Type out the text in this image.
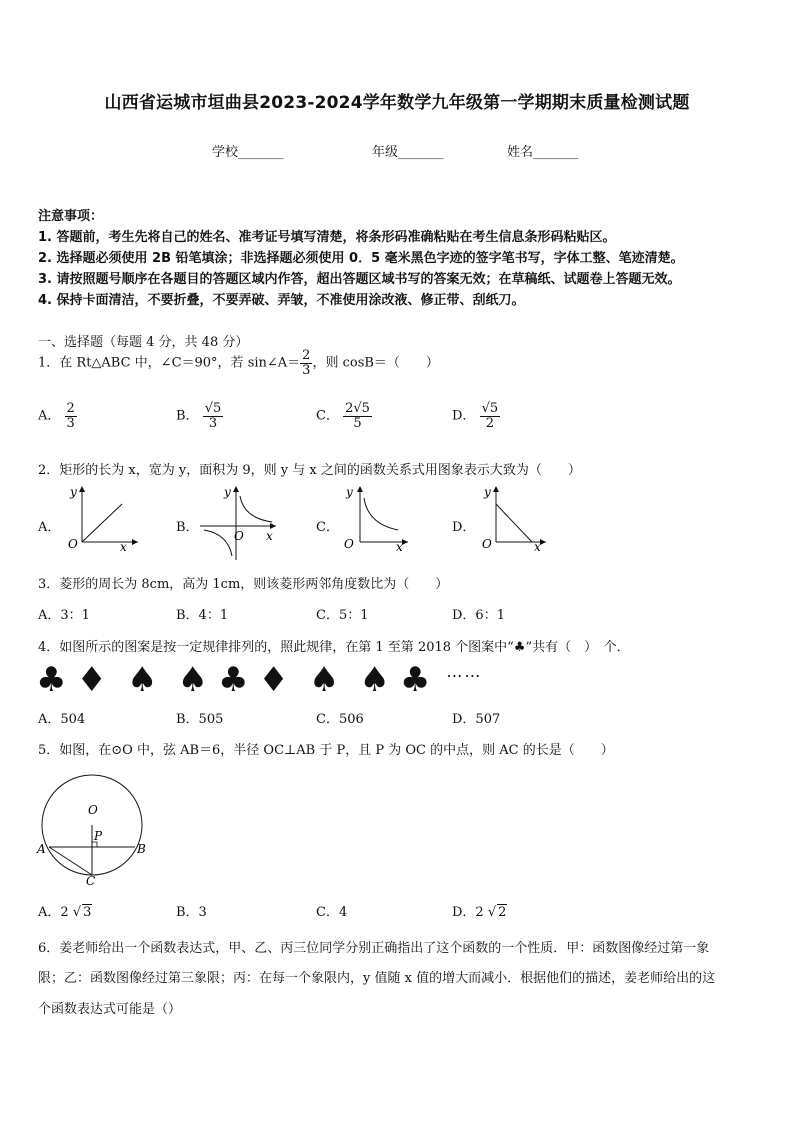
山西省运城市垣曲县2023-2024学年数学九年级第一学期期末质量检测试题
学校_______	年级_______	姓名_______
注意事项：
1. 答题前，考生先将自己的姓名、准考证号填写清楚，将条形码准确粘贴在考生信息条形码粘贴区。
2. 选择题必须使用 2B 铅笔填涂；非选择题必须使用 0．5 毫米黑色字迹的签字笔书写，字体工整、笔迹清楚。
3. 请按照题号顺序在各题目的答题区域内作答，超出答题区域书写的答案无效；在草稿纸、试题卷上答题无效。
4. 保持卡面清洁，不要折叠，不要弄破、弄皱，不准使用涂改液、修正带、刮纸刀。
一、选择题（每题 4 分，共 48 分）
1．在 Rt△ABC 中，∠C＝90°，若 sin∠A＝ $\frac{2}{3}$ ，则 cosB＝（　　）
A． $\frac{2}{3}$	B． $\frac{√5}{3}$	C． $\frac{2√5}{5}$	D． $\frac{√5}{2}$
2．矩形的长为 x，宽为 y，面积为 9，则 y 与 x 之间的函数关系式用图象表示大致为（　　）
A．
y
x
O
B．
y
x
O
C．
y
x
O
D．
y
x
O
3．菱形的周长为 8cm，高为 1cm，则该菱形两邻角度数比为（　　）
A．3：1	B．4：1	C．5：1	D．6：1
4．如图所示的图案是按一定规律排列的，照此规律，在第 1 至第 2018 个图案中“♣”共有（　）　个．
♣ ♦ ♠ ♠ ♣ ♦ ♠ ♠ ♣ ……
A．504	B．505	C．506	D．507
5．如图，在⊙O 中，弦 AB＝6，半径 OC⊥AB 于 P，且 P 为 OC 的中点，则 AC 的长是（　　）
O
P
A	B
C
A．2 √ 3	B．3	C．4	D．2 √ 2
6．姜老师给出一个函数表达式，甲、乙、丙三位同学分别正确指出了这个函数的一个性质．甲：函数图像经过第一象
限；乙：函数图像经过第三象限；丙：在每一个象限内，y 值随 x 值的增大而减小．根据他们的描述，姜老师给出的这
个函数表达式可能是（）
